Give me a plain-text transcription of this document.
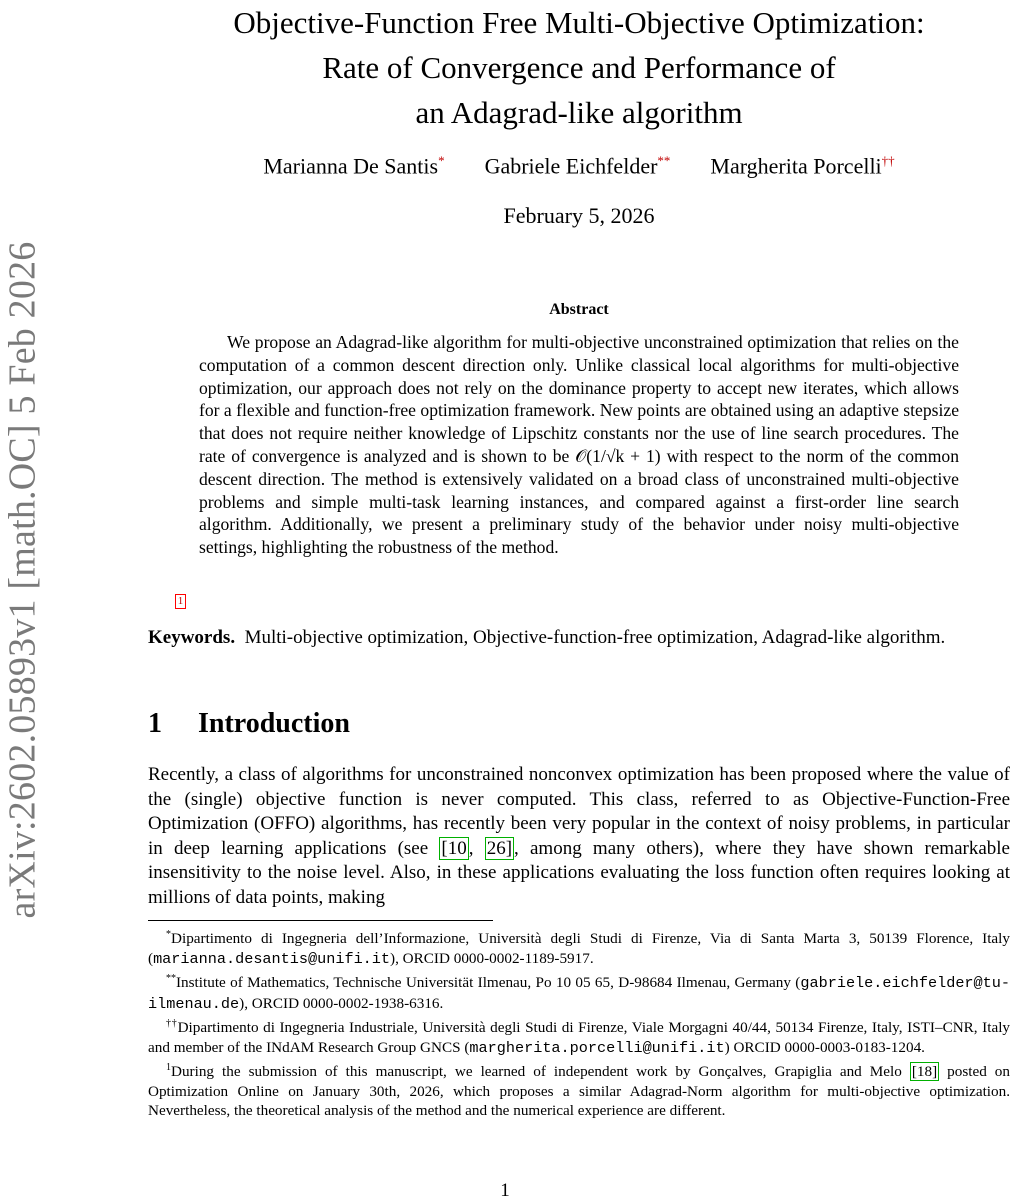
arXiv:2602.05893v1 [math.OC] 5 Feb 2026
Objective-Function Free Multi-Objective Optimization:
Rate of Convergence and Performance of
an Adagrad-like algorithm
Marianna De Santis* Gabriele Eichfelder** Margherita Porcelli††
February 5, 2026
Abstract
We propose an Adagrad-like algorithm for multi-objective unconstrained optimization that relies on the computation of a common descent direction only. Unlike classical local algorithms for multi-objective optimization, our approach does not rely on the dominance property to accept new iterates, which allows for a flexible and function-free optimization framework. New points are obtained using an adaptive stepsize that does not require neither knowledge of Lipschitz constants nor the use of line search procedures. The rate of convergence is analyzed and is shown to be 𝒪(1/√k + 1) with respect to the norm of the common descent direction. The method is extensively validated on a broad class of unconstrained multi-objective problems and simple multi-task learning instances, and compared against a first-order line search algorithm. Additionally, we present a preliminary study of the behavior under noisy multi-objective settings, highlighting the robustness of the method.
1
Keywords. Multi-objective optimization, Objective-function-free optimization, Adagrad-like algorithm.
1 Introduction
Recently, a class of algorithms for unconstrained nonconvex optimization has been proposed where the value of the (single) objective function is never computed. This class, referred to as Objective-Function-Free Optimization (OFFO) algorithms, has recently been very popular in the context of noisy problems, in particular in deep learning applications (see [10 , 26] , among many others), where they have shown remarkable insensitivity to the noise level. Also, in these applications evaluating the loss function often requires looking at millions of data points, making

*Dipartimento di Ingegneria dell’Informazione, Università degli Studi di Firenze, Via di Santa Marta 3, 50139 Florence, Italy (marianna.desantis@unifi.it), ORCID 0000-0002-1189-5917.

**Institute of Mathematics, Technische Universität Ilmenau, Po 10 05 65, D-98684 Ilmenau, Germany (gabriele.eichfelder@tu-ilmenau.de), ORCID 0000-0002-1938-6316.

††Dipartimento di Ingegneria Industriale, Università degli Studi di Firenze, Viale Morgagni 40/44, 50134 Firenze, Italy, ISTI–CNR, Italy and member of the INdAM Research Group GNCS (margherita.porcelli@unifi.it) ORCID 0000-0003-0183-1204.

$^1$During the submission of this manuscript, we learned of independent work by Gonçalves, Grapiglia and Melo [18] posted on Optimization Online on January 30th, 2026, which proposes a similar Adagrad-Norm algorithm for multi-objective optimization. Nevertheless, the theoretical analysis of the method and the numerical experience are different.

1
